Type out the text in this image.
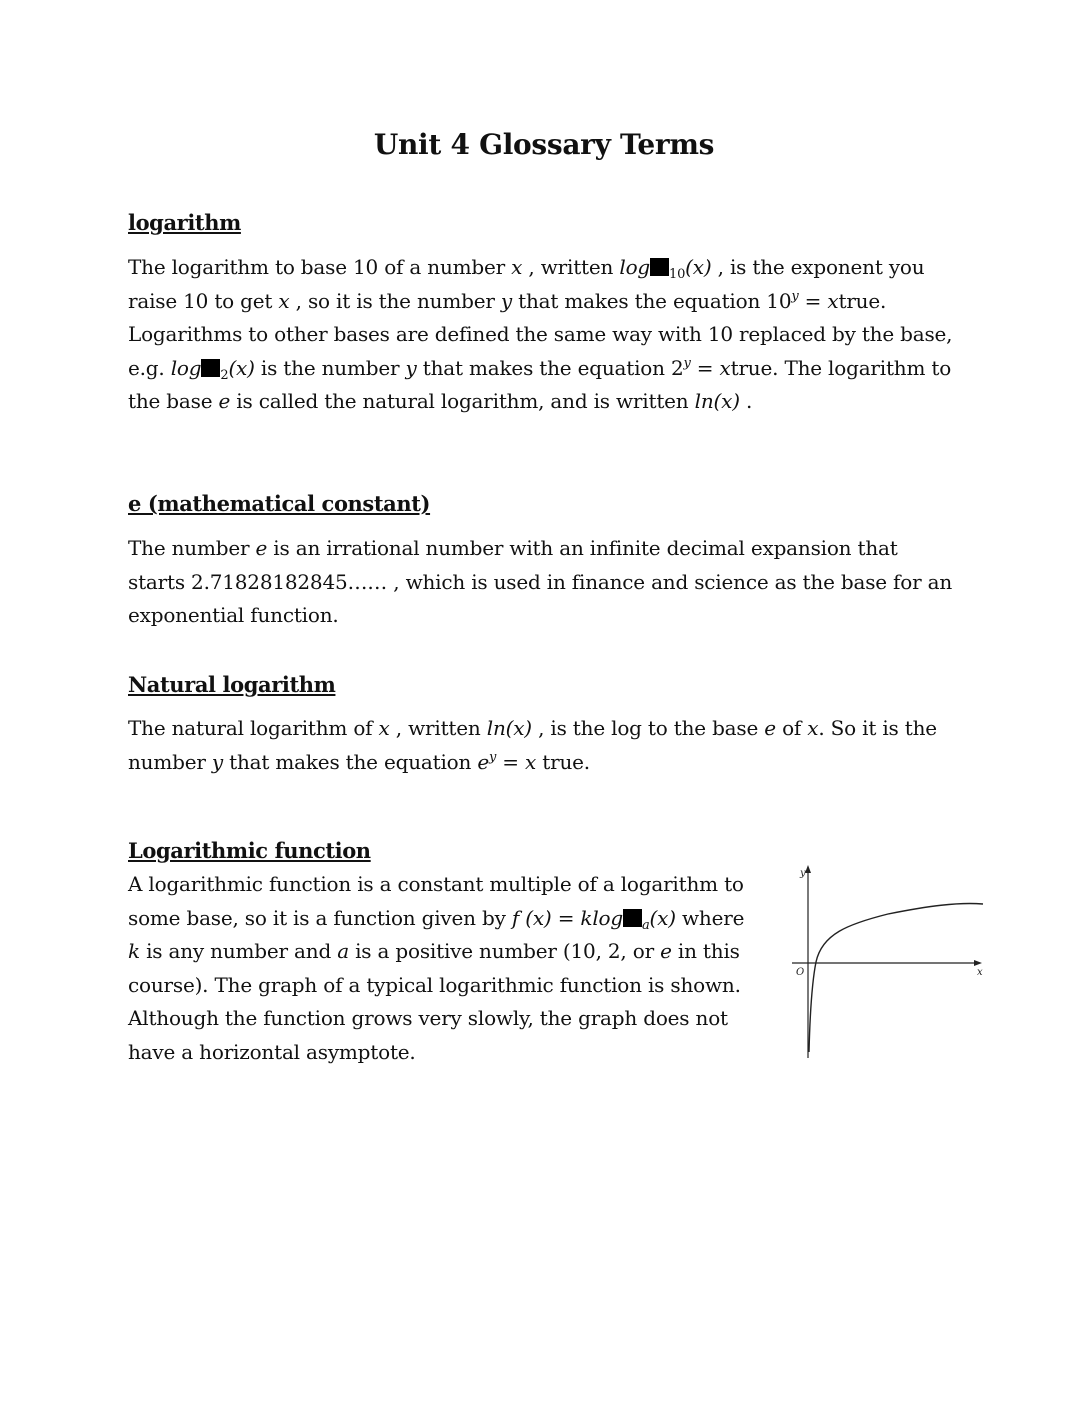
Unit 4 Glossary Terms
logarithm

The logarithm to base 10 of a number x , written log $_{10}$(x) , is the exponent you raise 10 to get x , so it is the number y that makes the equation $10^y$ = xtrue. Logarithms to other bases are defined the same way with 10 replaced by the base, e.g. log $_2$(x) is the number y that makes the equation $2^y$ = xtrue. The logarithm to the base e is called the natural logarithm, and is written ln(x) .

e (mathematical constant)

The number e is an irrational number with an infinite decimal expansion that starts 2.71828182845…… , which is used in finance and science as the base for an exponential function.

Natural logarithm

The natural logarithm of x , written ln(x) , is the log to the base e of x. So it is the number y that makes the equation $e^y = x$ true.

Logarithmic function

A logarithmic function is a constant multiple of a logarithm to some base, so it is a function given by f (x) = klog $_a$(x) where k is any number and a is a positive number (10, 2, or e in this course). The graph of a typical logarithmic function is shown. Although the function grows very slowly, the graph does not have a horizontal asymptote.

y
x
O
